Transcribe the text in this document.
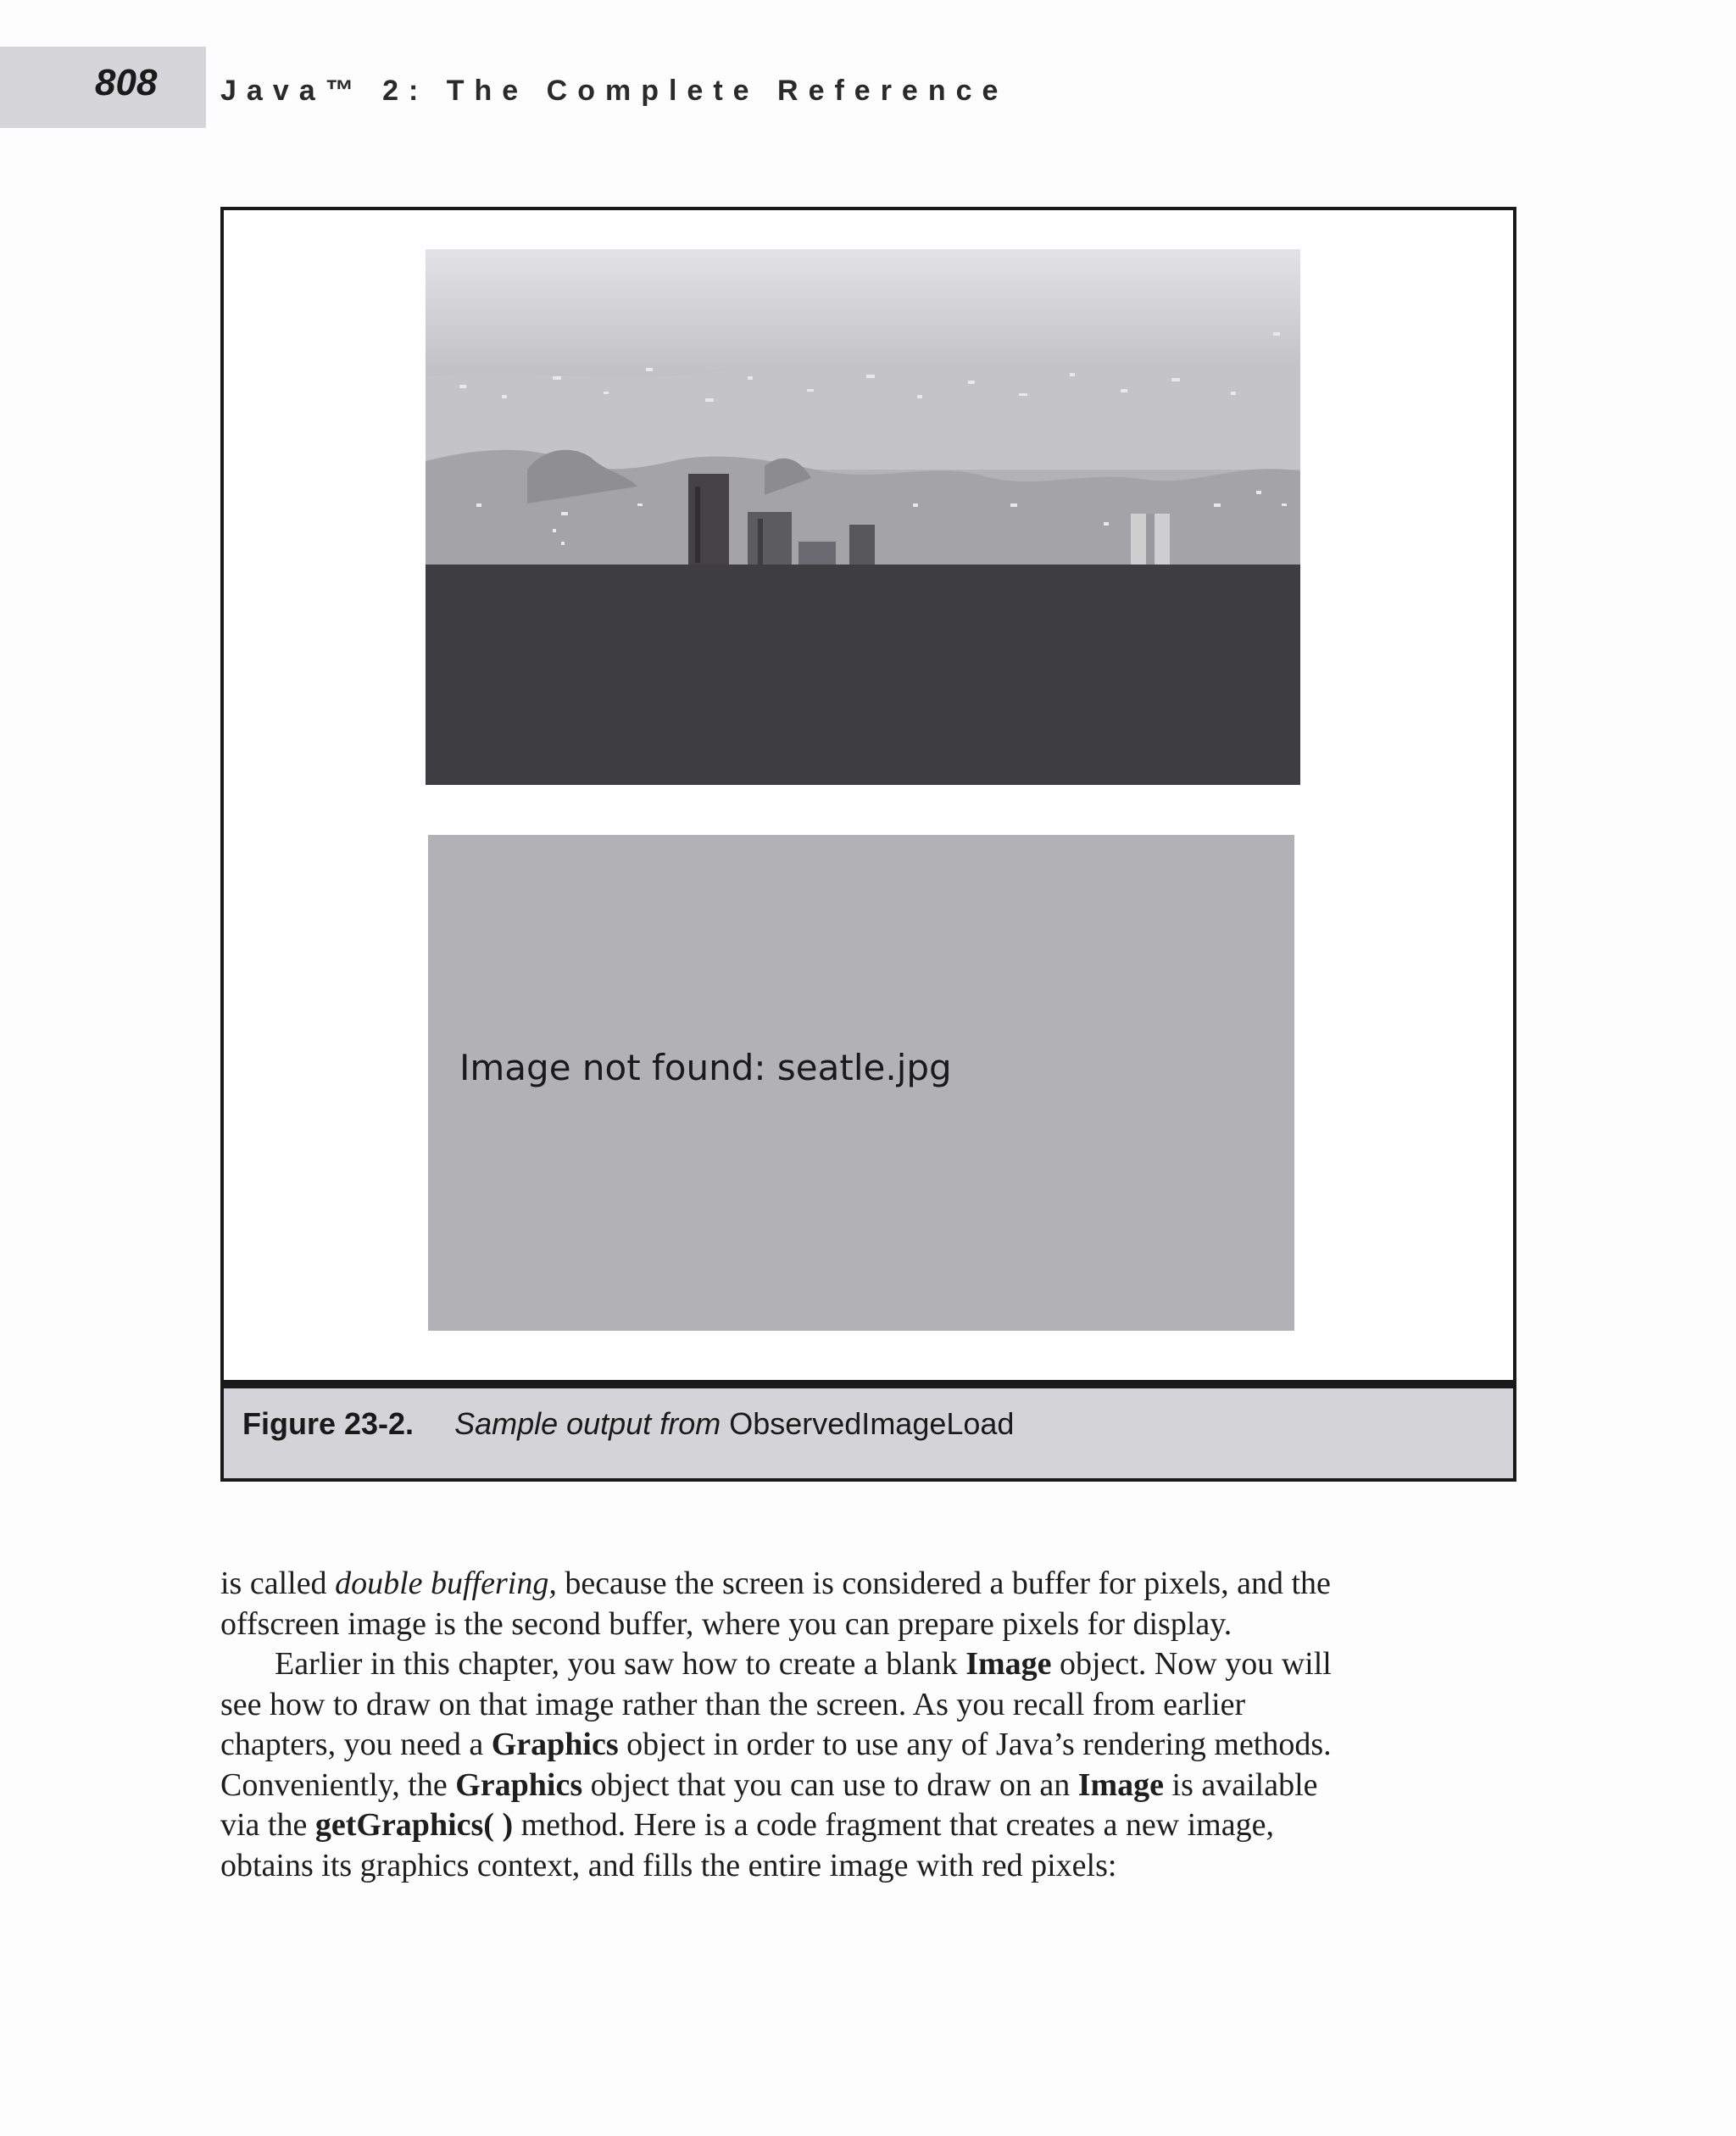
808 Java™ 2: The Complete Reference
Image not found: seatle.jpg
Figure 23-2. Sample output from ObservedImageLoad

is called double buffering, because the screen is considered a buffer for pixels, and the
offscreen image is the second buffer, where you can prepare pixels for display.

Earlier in this chapter, you saw how to create a blank Image object. Now you will
see how to draw on that image rather than the screen. As you recall from earlier
chapters, you need a Graphics object in order to use any of Java’s rendering methods.
Conveniently, the Graphics object that you can use to draw on an Image is available
via the getGraphics( ) method. Here is a code fragment that creates a new image,
obtains its graphics context, and fills the entire image with red pixels:
